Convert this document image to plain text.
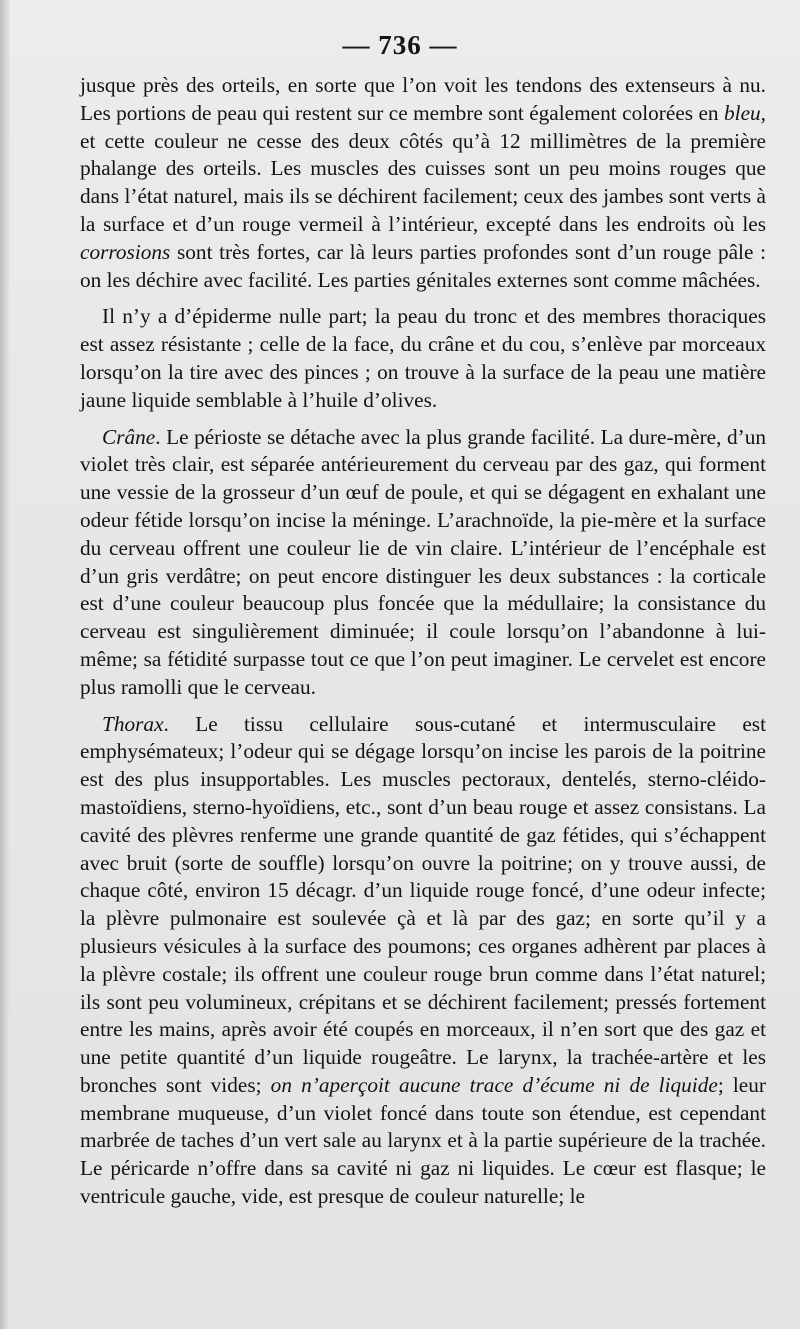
— 736 —

jusque près des orteils, en sorte que l’on voit les tendons des extenseurs à nu. Les portions de peau qui restent sur ce membre sont également colorées en bleu, et cette couleur ne cesse des deux côtés qu’à 12 millimètres de la première phalange des orteils. Les muscles des cuisses sont un peu moins rouges que dans l’état naturel, mais ils se déchirent facilement; ceux des jambes sont verts à la surface et d’un rouge vermeil à l’intérieur, excepté dans les endroits où les corrosions sont très fortes, car là leurs parties profondes sont d’un rouge pâle : on les déchire avec facilité. Les parties génitales externes sont comme mâchées.

Il n’y a d’épiderme nulle part; la peau du tronc et des membres thoraciques est assez résistante ; celle de la face, du crâne et du cou, s’enlève par morceaux lorsqu’on la tire avec des pinces ; on trouve à la surface de la peau une matière jaune liquide semblable à l’huile d’olives.

Crâne. Le périoste se détache avec la plus grande facilité. La dure-mère, d’un violet très clair, est séparée antérieurement du cerveau par des gaz, qui forment une vessie de la grosseur d’un œuf de poule, et qui se dégagent en exhalant une odeur fétide lorsqu’on incise la méninge. L’arachnoïde, la pie-mère et la surface du cerveau offrent une couleur lie de vin claire. L’intérieur de l’encéphale est d’un gris verdâtre; on peut encore distinguer les deux substances : la corticale est d’une couleur beaucoup plus foncée que la médullaire; la consistance du cerveau est singulièrement diminuée; il coule lorsqu’on l’abandonne à lui-même; sa fétidité surpasse tout ce que l’on peut imaginer. Le cervelet est encore plus ramolli que le cerveau.

Thorax. Le tissu cellulaire sous-cutané et intermusculaire est emphysémateux; l’odeur qui se dégage lorsqu’on incise les parois de la poitrine est des plus insupportables. Les muscles pectoraux, dentelés, sterno-cléido-mastoïdiens, sterno-hyoïdiens, etc., sont d’un beau rouge et assez consistans. La cavité des plèvres renferme une grande quantité de gaz fétides, qui s’échappent avec bruit (sorte de souffle) lorsqu’on ouvre la poitrine; on y trouve aussi, de chaque côté, environ 15 décagr. d’un liquide rouge foncé, d’une odeur infecte; la plèvre pulmonaire est soulevée çà et là par des gaz; en sorte qu’il y a plusieurs vésicules à la surface des poumons; ces organes adhèrent par places à la plèvre costale; ils offrent une couleur rouge brun comme dans l’état naturel; ils sont peu volumineux, crépitans et se déchirent facilement; pressés fortement entre les mains, après avoir été coupés en morceaux, il n’en sort que des gaz et une petite quantité d’un liquide rougeâtre. Le larynx, la trachée-artère et les bronches sont vides; on n’aperçoit aucune trace d’écume ni de liquide; leur membrane muqueuse, d’un violet foncé dans toute son étendue, est cependant marbrée de taches d’un vert sale au larynx et à la partie supérieure de la trachée. Le péricarde n’offre dans sa cavité ni gaz ni liquides. Le cœur est flasque; le ventricule gauche, vide, est presque de couleur naturelle; le
